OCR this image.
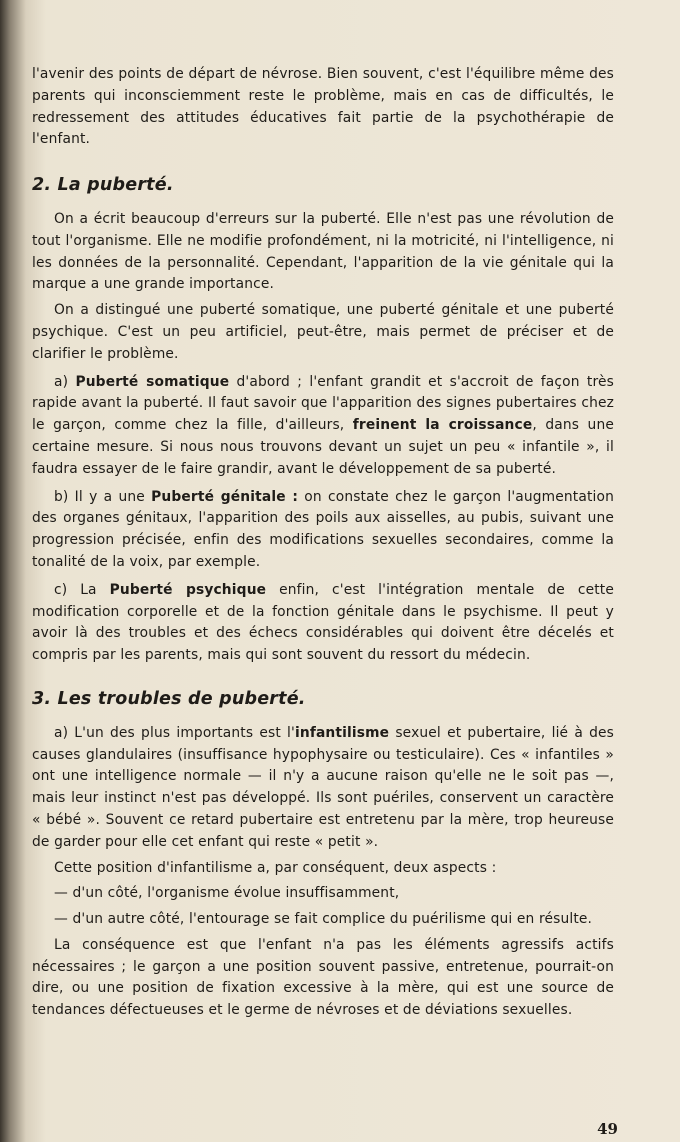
l'avenir des points de départ de névrose. Bien souvent, c'est l'équilibre même des parents qui inconsciemment reste le problème, mais en cas de difficultés, le redressement des attitudes éducatives fait partie de la psychothérapie de l'enfant.

2. La puberté.

On a écrit beaucoup d'erreurs sur la puberté. Elle n'est pas une révolution de tout l'organisme. Elle ne modifie profondément, ni la motricité, ni l'intelligence, ni les données de la personnalité. Cependant, l'apparition de la vie génitale qui la marque a une grande importance.

On a distingué une puberté somatique, une puberté génitale et une puberté psychique. C'est un peu artificiel, peut-être, mais permet de préciser et de clarifier le problème.

a) Puberté somatique d'abord ; l'enfant grandit et s'accroit de façon très rapide avant la puberté. Il faut savoir que l'apparition des signes pubertaires chez le garçon, comme chez la fille, d'ailleurs, freinent la croissance, dans une certaine mesure. Si nous nous trouvons devant un sujet un peu « infantile », il faudra essayer de le faire grandir, avant le développement de sa puberté.

b) Il y a une Puberté génitale : on constate chez le garçon l'augmentation des organes génitaux, l'apparition des poils aux aisselles, au pubis, suivant une progression précisée, enfin des modifications sexuelles secondaires, comme la tonalité de la voix, par exemple.

c) La Puberté psychique enfin, c'est l'intégration mentale de cette modification corporelle et de la fonction génitale dans le psychisme. Il peut y avoir là des troubles et des échecs considérables qui doivent être décelés et compris par les parents, mais qui sont souvent du ressort du médecin.

3. Les troubles de puberté.

a) L'un des plus importants est l'infantilisme sexuel et pubertaire, lié à des causes glandulaires (insuffisance hypophysaire ou testiculaire). Ces « infantiles » ont une intelligence normale — il n'y a aucune raison qu'elle ne le soit pas —, mais leur instinct n'est pas développé. Ils sont puériles, conservent un caractère « bébé ». Souvent ce retard pubertaire est entretenu par la mère, trop heureuse de garder pour elle cet enfant qui reste « petit ».

Cette position d'infantilisme a, par conséquent, deux aspects :

— d'un côté, l'organisme évolue insuffisamment,

— d'un autre côté, l'entourage se fait complice du puérilisme qui en résulte.

La conséquence est que l'enfant n'a pas les éléments agressifs actifs nécessaires ; le garçon a une position souvent passive, entretenue, pourrait-on dire, ou une position de fixation excessive à la mère, qui est une source de tendances défectueuses et le germe de névroses et de déviations sexuelles.

49
